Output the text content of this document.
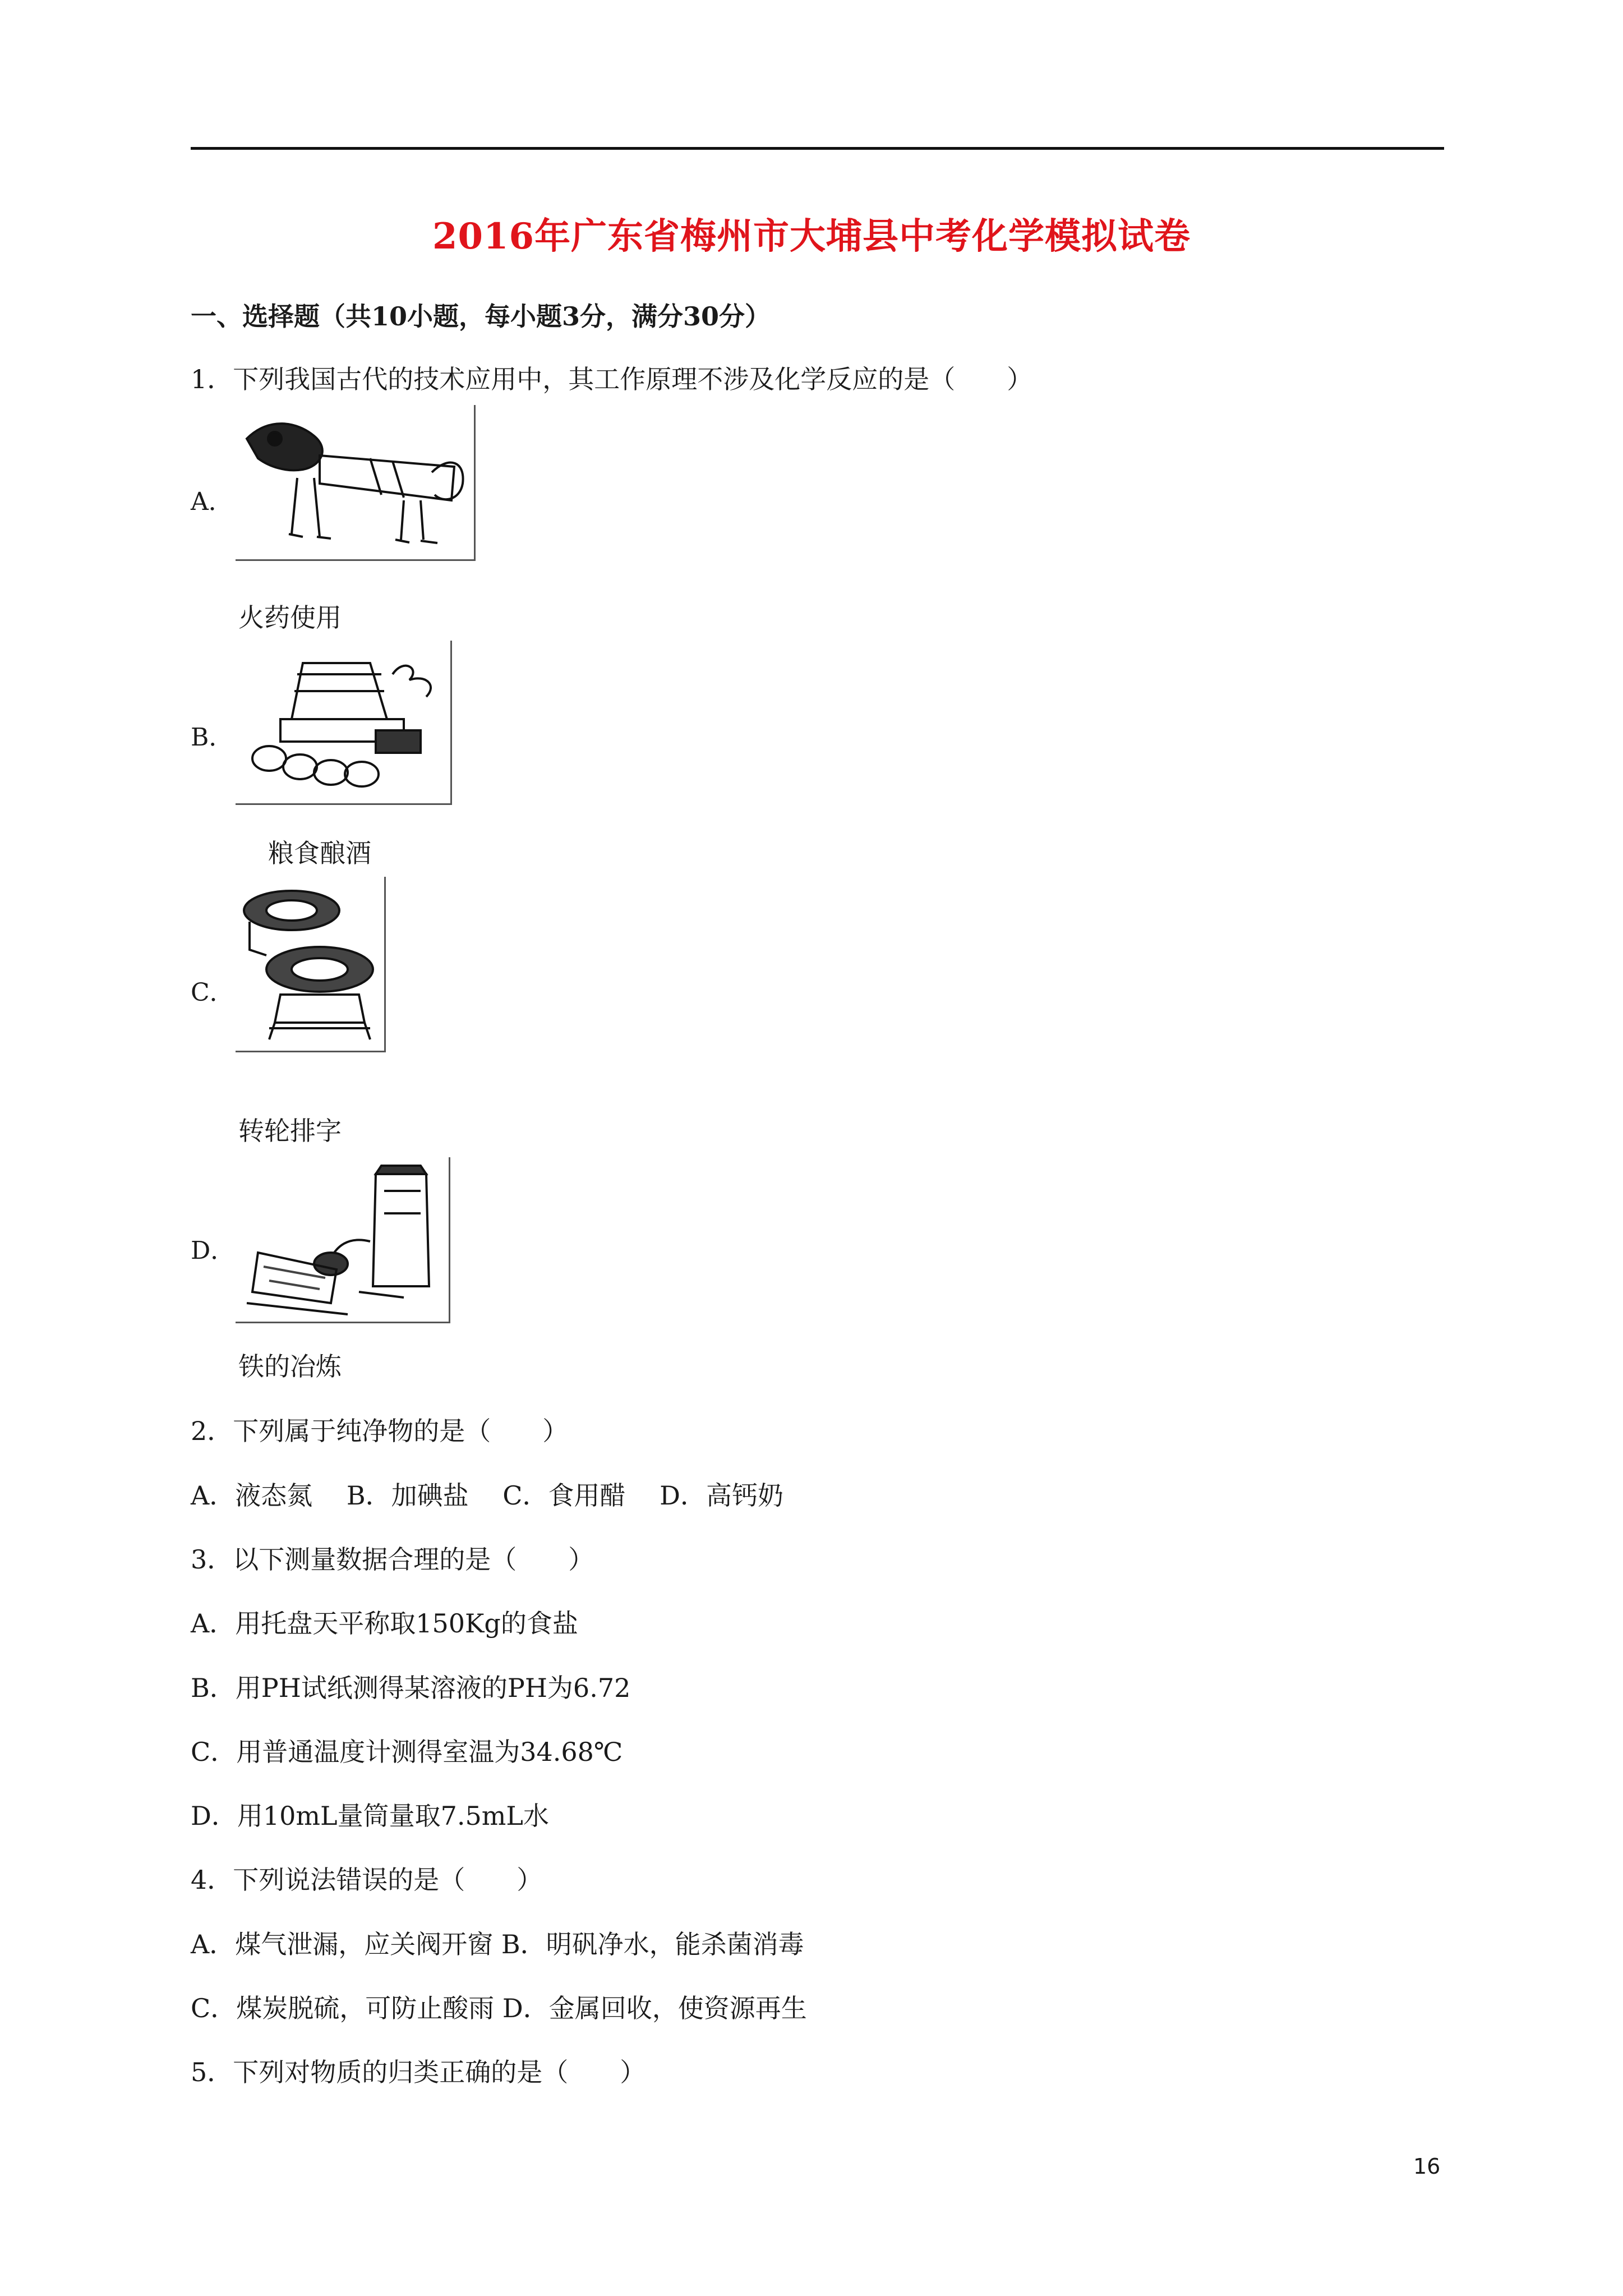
2016年广东省梅州市大埔县中考化学模拟试卷
一、选择题（共10小题，每小题3分，满分30分）
1．下列我国古代的技术应用中，其工作原理不涉及化学反应的是（　　）
A．
火药使用
B．
粮食酿酒
C．
转轮排字
D．
铁的冶炼
2．下列属于纯净物的是（　　）
A．液态氮　 B．加碘盐　 C．食用醋　 D．高钙奶
3．以下测量数据合理的是（　　）
A．用托盘天平称取150Kg的食盐
B．用PH试纸测得某溶液的PH为6.72
C．用普通温度计测得室温为34.68℃
D．用10mL量筒量取7.5mL水
4．下列说法错误的是（　　）
A．煤气泄漏，应关阀开窗 B．明矾净水，能杀菌消毒
C．煤炭脱硫，可防止酸雨 D．金属回收，使资源再生
5．下列对物质的归类正确的是（　　）
16
